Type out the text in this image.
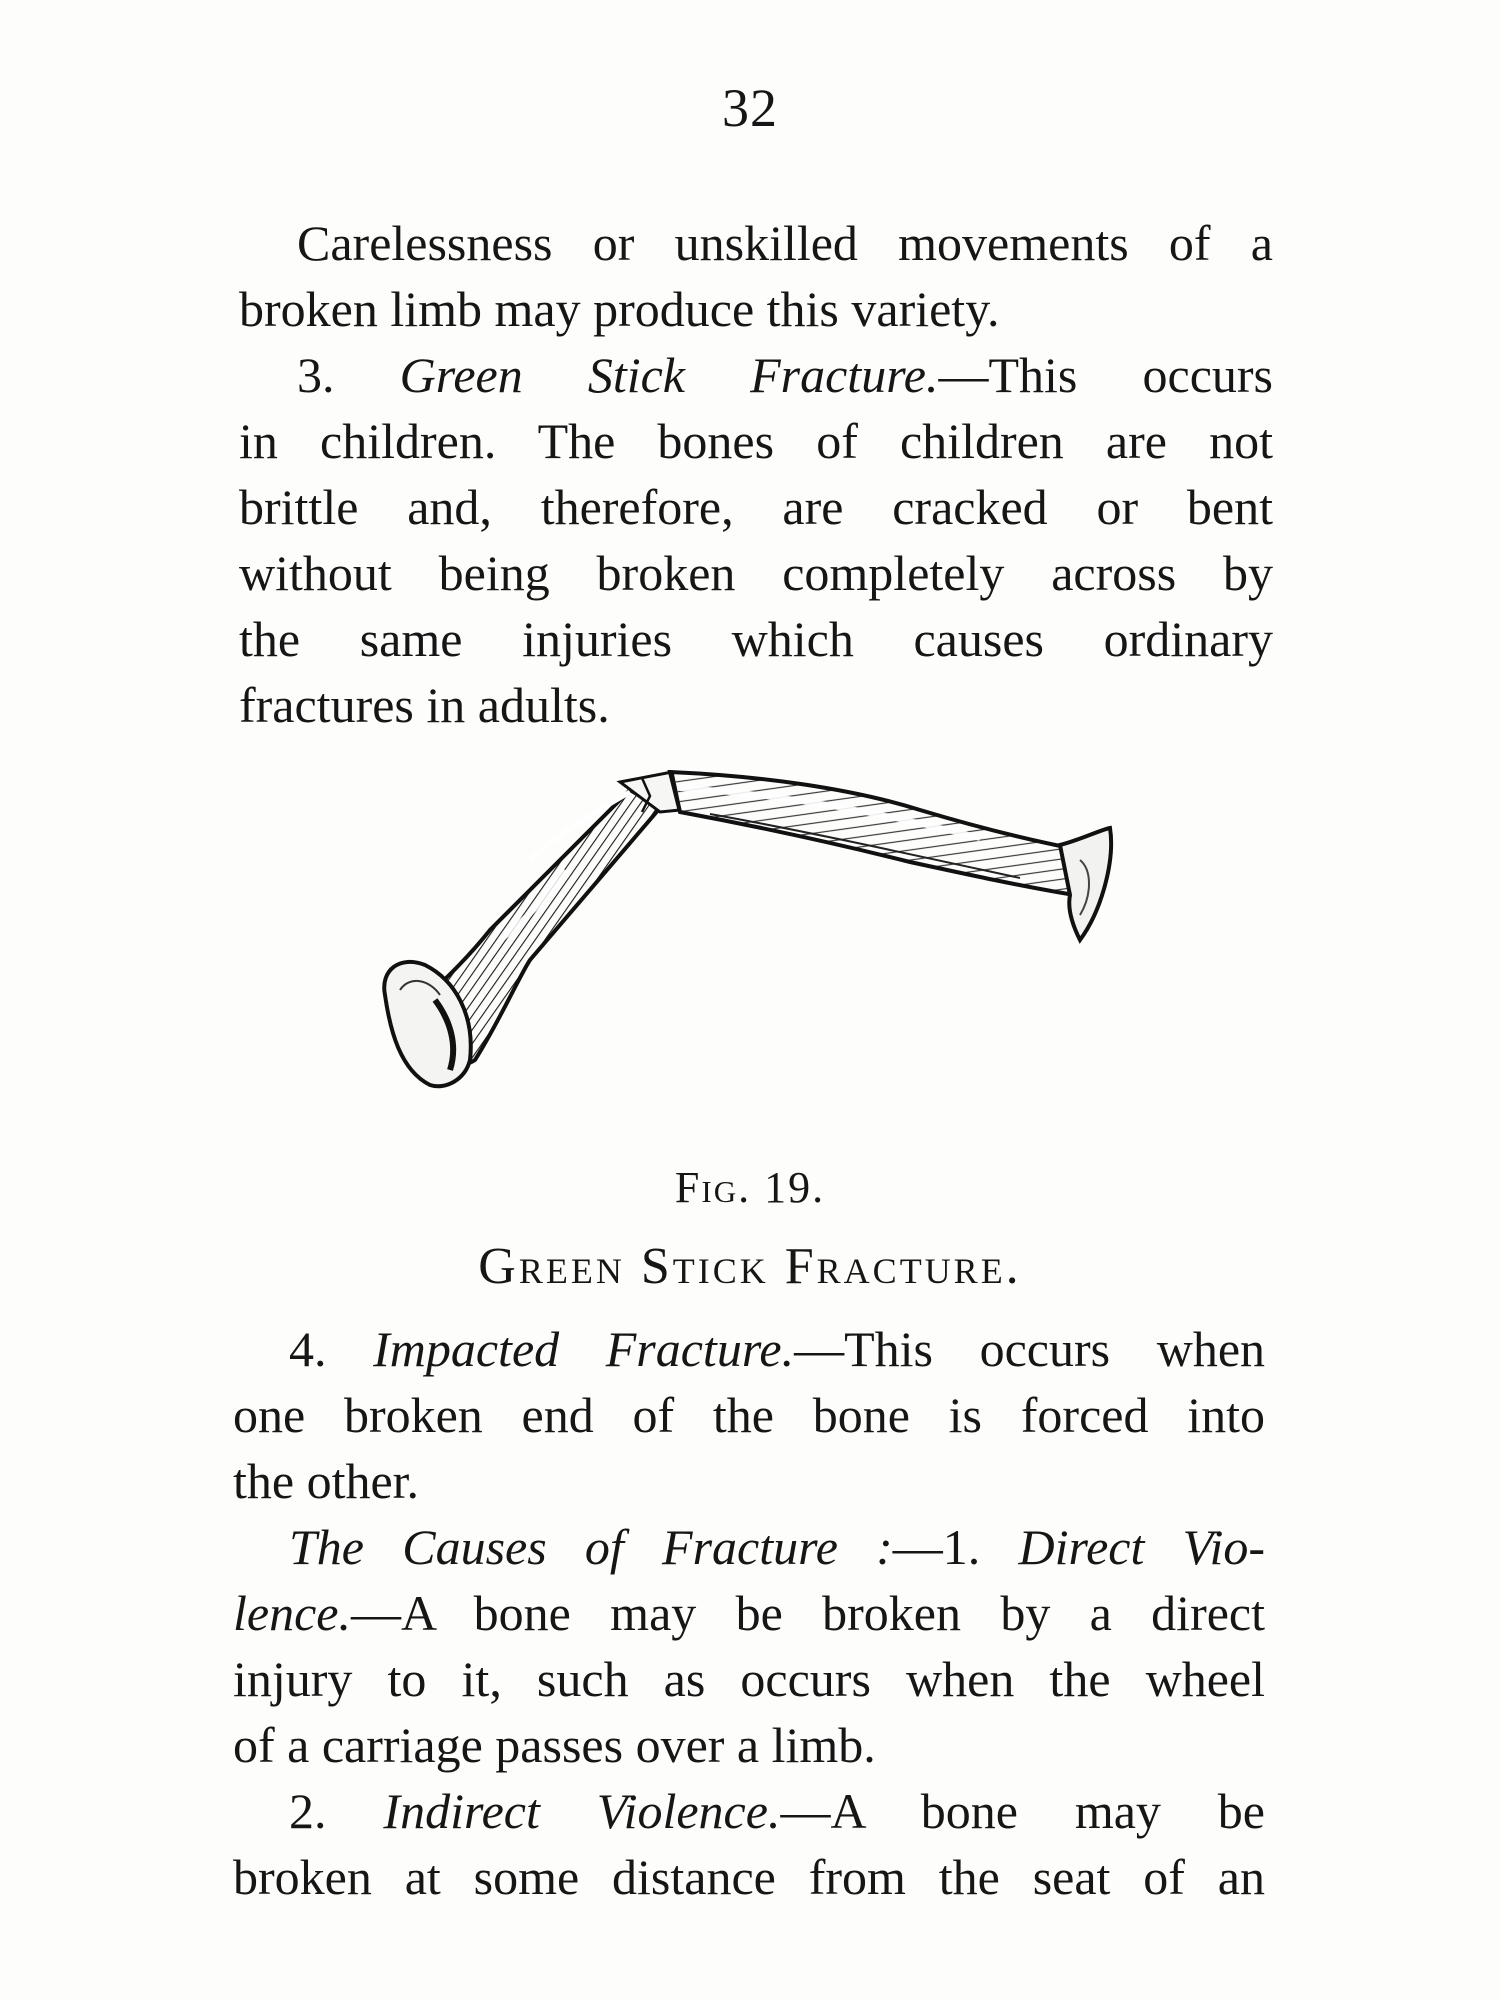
32
Carelessness or unskilled movements of a
broken limb may produce this variety.
3. Green Stick Fracture.—This occurs
in children. The bones of children are not
brittle and, therefore, are cracked or bent
without being broken completely across by
the same injuries which causes ordinary
fractures in adults.
Fig. 19.
Green Stick Fracture.
4. Impacted Fracture.—This occurs when
one broken end of the bone is forced into
the other.
The Causes of Fracture :—1. Direct Vio-
lence.—A bone may be broken by a direct
injury to it, such as occurs when the wheel
of a carriage passes over a limb.
2. Indirect Violence.—A bone may be
broken at some distance from the seat of an
